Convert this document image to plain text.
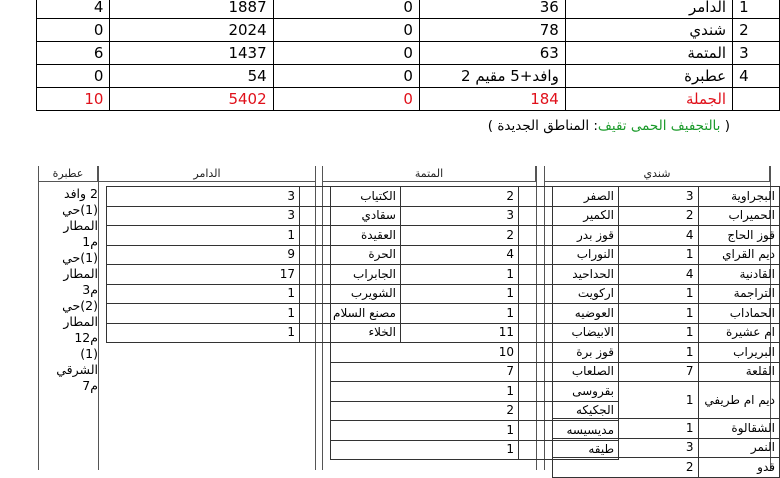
4	1887	0	36	الدامر	1
0	2024	0	78	شندي	2
6	1437	0	63	المتمة	3
0	54	0	2 وافد+5 مقيم	عطبرة	4
10	5402	0	184	الجملة	
( بالتجفيف الحمى تقيف: المناطق الجديدة )
عطبرة	الدامر	المتمة	شندي
2 وافد
(1)حي
المطار
م1
(1)حي
المطار
م3
(2)حي
المطار
م12
(1)
الشرقي
م7
3	الكتياب
3	سقادي
1	العقيدة
9	الحرة
17	الجابراب
1	الشويرب
1	مصنع السلام
1	الخلاء
2	الصفر
3	الكمير
2	قوز بدر
4	النوراب
1	الحداحيد
1	اركويت
1	العوضيه
11	الابيضاب
10	قوز برة
7	الصلعاب
1	بقروسى
2	الجكيكه
1	مديسيسه
1	طيقه
3	البجراوية
2	الحميراب
4	قوز الحاج
1	ديم القراي
4	القادنية
1	التراجمة
1	الحماداب
1	ام عشيرة
1	البريراب
7	القلعة
1	ديم ام طريفي
1	الشقالوة
3	النمر
2	قدو
